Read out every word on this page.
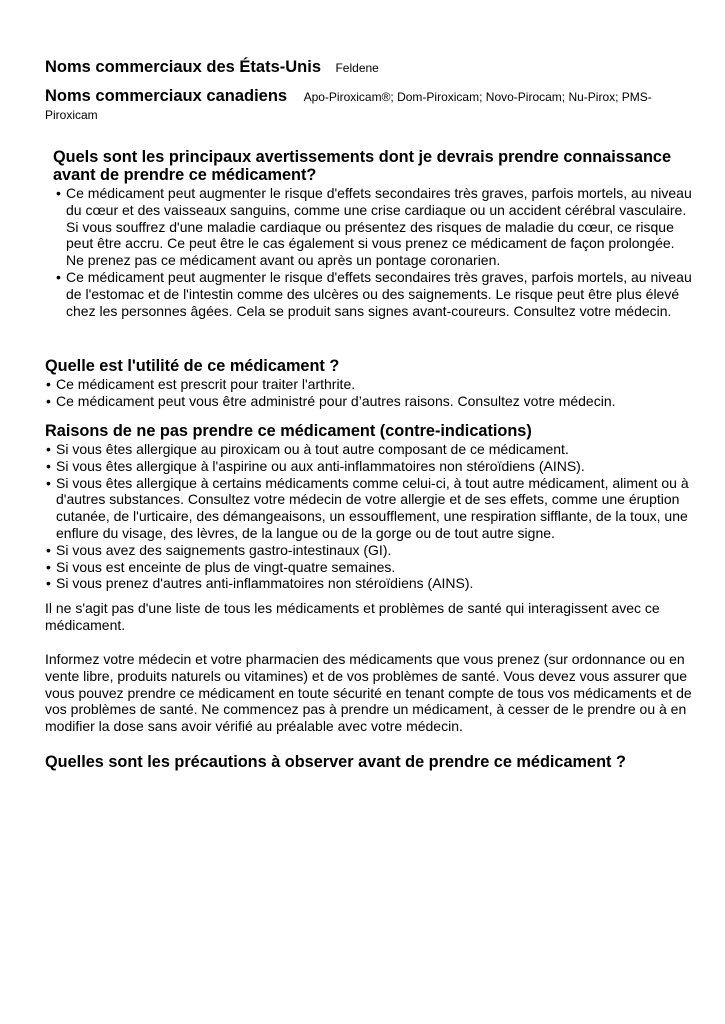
Noms commerciaux des États-Unis Feldene
Noms commerciaux canadiens Apo-Piroxicam®; Dom-Piroxicam; Novo-Pirocam; Nu-Pirox; PMS-Piroxicam
Quels sont les principaux avertissements dont je devrais prendre connaissance avant de prendre ce médicament?
• Ce médicament peut augmenter le risque d'effets secondaires très graves, parfois mortels, au niveau du cœur et des vaisseaux sanguins, comme une crise cardiaque ou un accident cérébral vasculaire. Si vous souffrez d'une maladie cardiaque ou présentez des risques de maladie du cœur, ce risque peut être accru. Ce peut être le cas également si vous prenez ce médicament de façon prolongée. Ne prenez pas ce médicament avant ou après un pontage coronarien.
• Ce médicament peut augmenter le risque d'effets secondaires très graves, parfois mortels, au niveau de l'estomac et de l'intestin comme des ulcères ou des saignements. Le risque peut être plus élevé chez les personnes âgées. Cela se produit sans signes avant-coureurs. Consultez votre médecin.
Quelle est l'utilité de ce médicament ?
• Ce médicament est prescrit pour traiter l'arthrite.
• Ce médicament peut vous être administré pour d’autres raisons. Consultez votre médecin.
Raisons de ne pas prendre ce médicament (contre-indications)
• Si vous êtes allergique au piroxicam ou à tout autre composant de ce médicament.
• Si vous êtes allergique à l'aspirine ou aux anti-inflammatoires non stéroïdiens (AINS).
• Si vous êtes allergique à certains médicaments comme celui-ci, à tout autre médicament, aliment ou à d'autres substances. Consultez votre médecin de votre allergie et de ses effets, comme une éruption cutanée, de l'urticaire, des démangeaisons, un essoufflement, une respiration sifflante, de la toux, une enflure du visage, des lèvres, de la langue ou de la gorge ou de tout autre signe.
• Si vous avez des saignements gastro-intestinaux (GI).
• Si vous est enceinte de plus de vingt-quatre semaines.
• Si vous prenez d'autres anti-inflammatoires non stéroïdiens (AINS).

Il ne s'agit pas d'une liste de tous les médicaments et problèmes de santé qui interagissent avec ce médicament.

Informez votre médecin et votre pharmacien des médicaments que vous prenez (sur ordonnance ou en vente libre, produits naturels ou vitamines) et de vos problèmes de santé. Vous devez vous assurer que vous pouvez prendre ce médicament en toute sécurité en tenant compte de tous vos médicaments et de vos problèmes de santé. Ne commencez pas à prendre un médicament, à cesser de le prendre ou à en modifier la dose sans avoir vérifié au préalable avec votre médecin.

Quelles sont les précautions à observer avant de prendre ce médicament ?
